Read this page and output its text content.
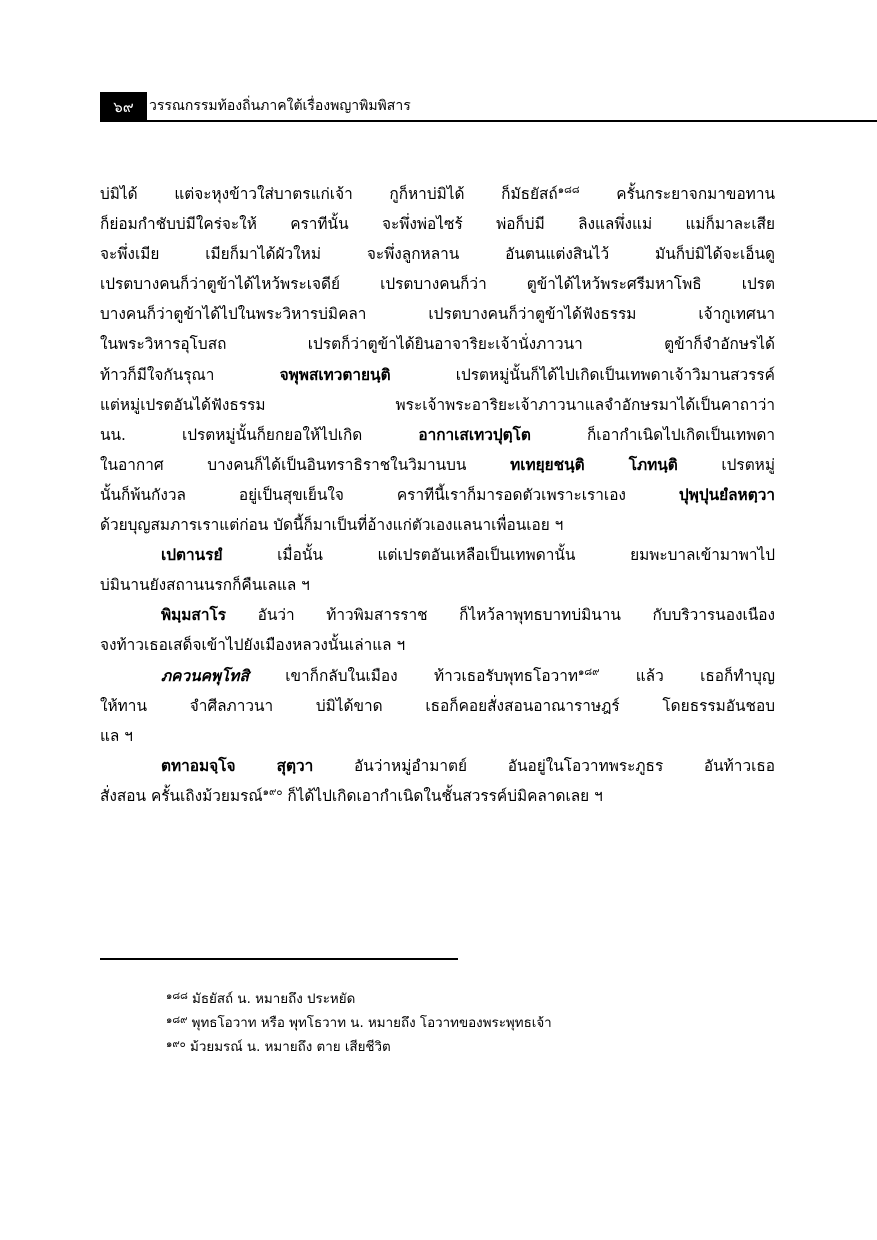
๖๙	วรรณกรรมท้องถิ่นภาคใต้เรื่องพญาพิมพิสาร
บ่มิได้ แต่จะหุงข้าวใส่บาตรแก่เจ้า กูก็หาบ่มิได้ ก็มัธยัสถ์$^{๑๘๘}$ ครั้นกระยาจกมาขอทาน
ก็ย่อมกำชับบ่มีใคร่จะให้ คราทีนั้น จะพึ่งพ่อไซร้ พ่อก็บ่มี ลิงแลพึ่งแม่ แม่ก็มาละเสีย
จะพึ่งเมีย เมียก็มาได้ผัวใหม่ จะพึ่งลูกหลาน อันตนแต่งสินไว้ มันก็บ่มิได้จะเอ็นดู
เปรตบางคนก็ว่าตูข้าได้ไหว้พระเจดีย์ เปรตบางคนก็ว่า ตูข้าได้ไหว้พระศรีมหาโพธิ เปรต
บางคนก็ว่าตูข้าได้ไปในพระวิหารบ่มิคลา เปรตบางคนก็ว่าตูข้าได้ฟังธรรม เจ้ากูเทศนา
ในพระวิหารอุโบสถ เปรตก็ว่าตูข้าได้ยินอาจาริยะเจ้านั่งภาวนา ตูข้าก็จำอักษรได้
ท้าวก็มีใจกันรุณา จพุพสเทวตายนฺติ เปรตหมู่นั้นก็ได้ไปเกิดเป็นเทพดาเจ้าวิมานสวรรค์
แต่หมู่เปรตอันได้ฟังธรรม พระเจ้าพระอาริยะเจ้าภาวนาแลจำอักษรมาได้เป็นคาถาว่า
นน. เปรตหมู่นั้นก็ยกยอให้ไปเกิด อากาเสเทวปุตฺโต ก็เอากำเนิดไปเกิดเป็นเทพดา
ในอากาศ บางคนก็ได้เป็นอินทราธิราชในวิมานบน ทเทยฺยชนฺติ โภทนฺติ เปรตหมู่
นั้นก็พ้นกังวล อยู่เป็นสุขเย็นใจ คราทีนี้เราก็มารอดตัวเพราะเราเอง ปุพฺปุนยํลหตฺวา
ด้วยบุญสมภารเราแต่ก่อน บัดนี้ก็มาเป็นที่อ้างแก่ตัวเองแลนาเพื่อนเอย ฯ
เปตานรยํ เมื่อนั้น แต่เปรตอันเหลือเป็นเทพดานั้น ยมพะบาลเข้ามาพาไป
บ่มินานยังสถานนรกก็คืนเลแล ฯ
พิมฺมสาโร อันว่า ท้าวพิมสารราช ก็ไหว้ลาพุทธบาทบ่มินาน กับบริวารนองเนือง
จงท้าวเธอเสด็จเข้าไปยังเมืองหลวงนั้นเล่าแล ฯ
ภควนคพุโทสิ เขาก็กลับในเมือง ท้าวเธอรับพุทธโอวาท$^{๑๘๙}$ แล้ว เธอก็ทำบุญ
ให้ทาน จำศีลภาวนา บ่มิได้ขาด เธอก็คอยสั่งสอนอาณาราษฎร์ โดยธรรมอันชอบ
แล ฯ
ตทาอมจฺโจ สุตฺวา อันว่าหมู่อำมาตย์ อันอยู่ในโอวาทพระภูธร อันท้าวเธอ
สั่งสอน ครั้นเถิงม้วยมรณ์$^{๑๙๐}$ ก็ได้ไปเกิดเอากำเนิดในชั้นสวรรค์บ่มิคลาดเลย ฯ
$^{๑๘๘}$ มัธยัสถ์ น. หมายถึง ประหยัด
$^{๑๘๙}$ พุทธโอวาท หรือ พุทโธวาท น. หมายถึง โอวาทของพระพุทธเจ้า
$^{๑๙๐}$ ม้วยมรณ์ น. หมายถึง ตาย เสียชีวิต
